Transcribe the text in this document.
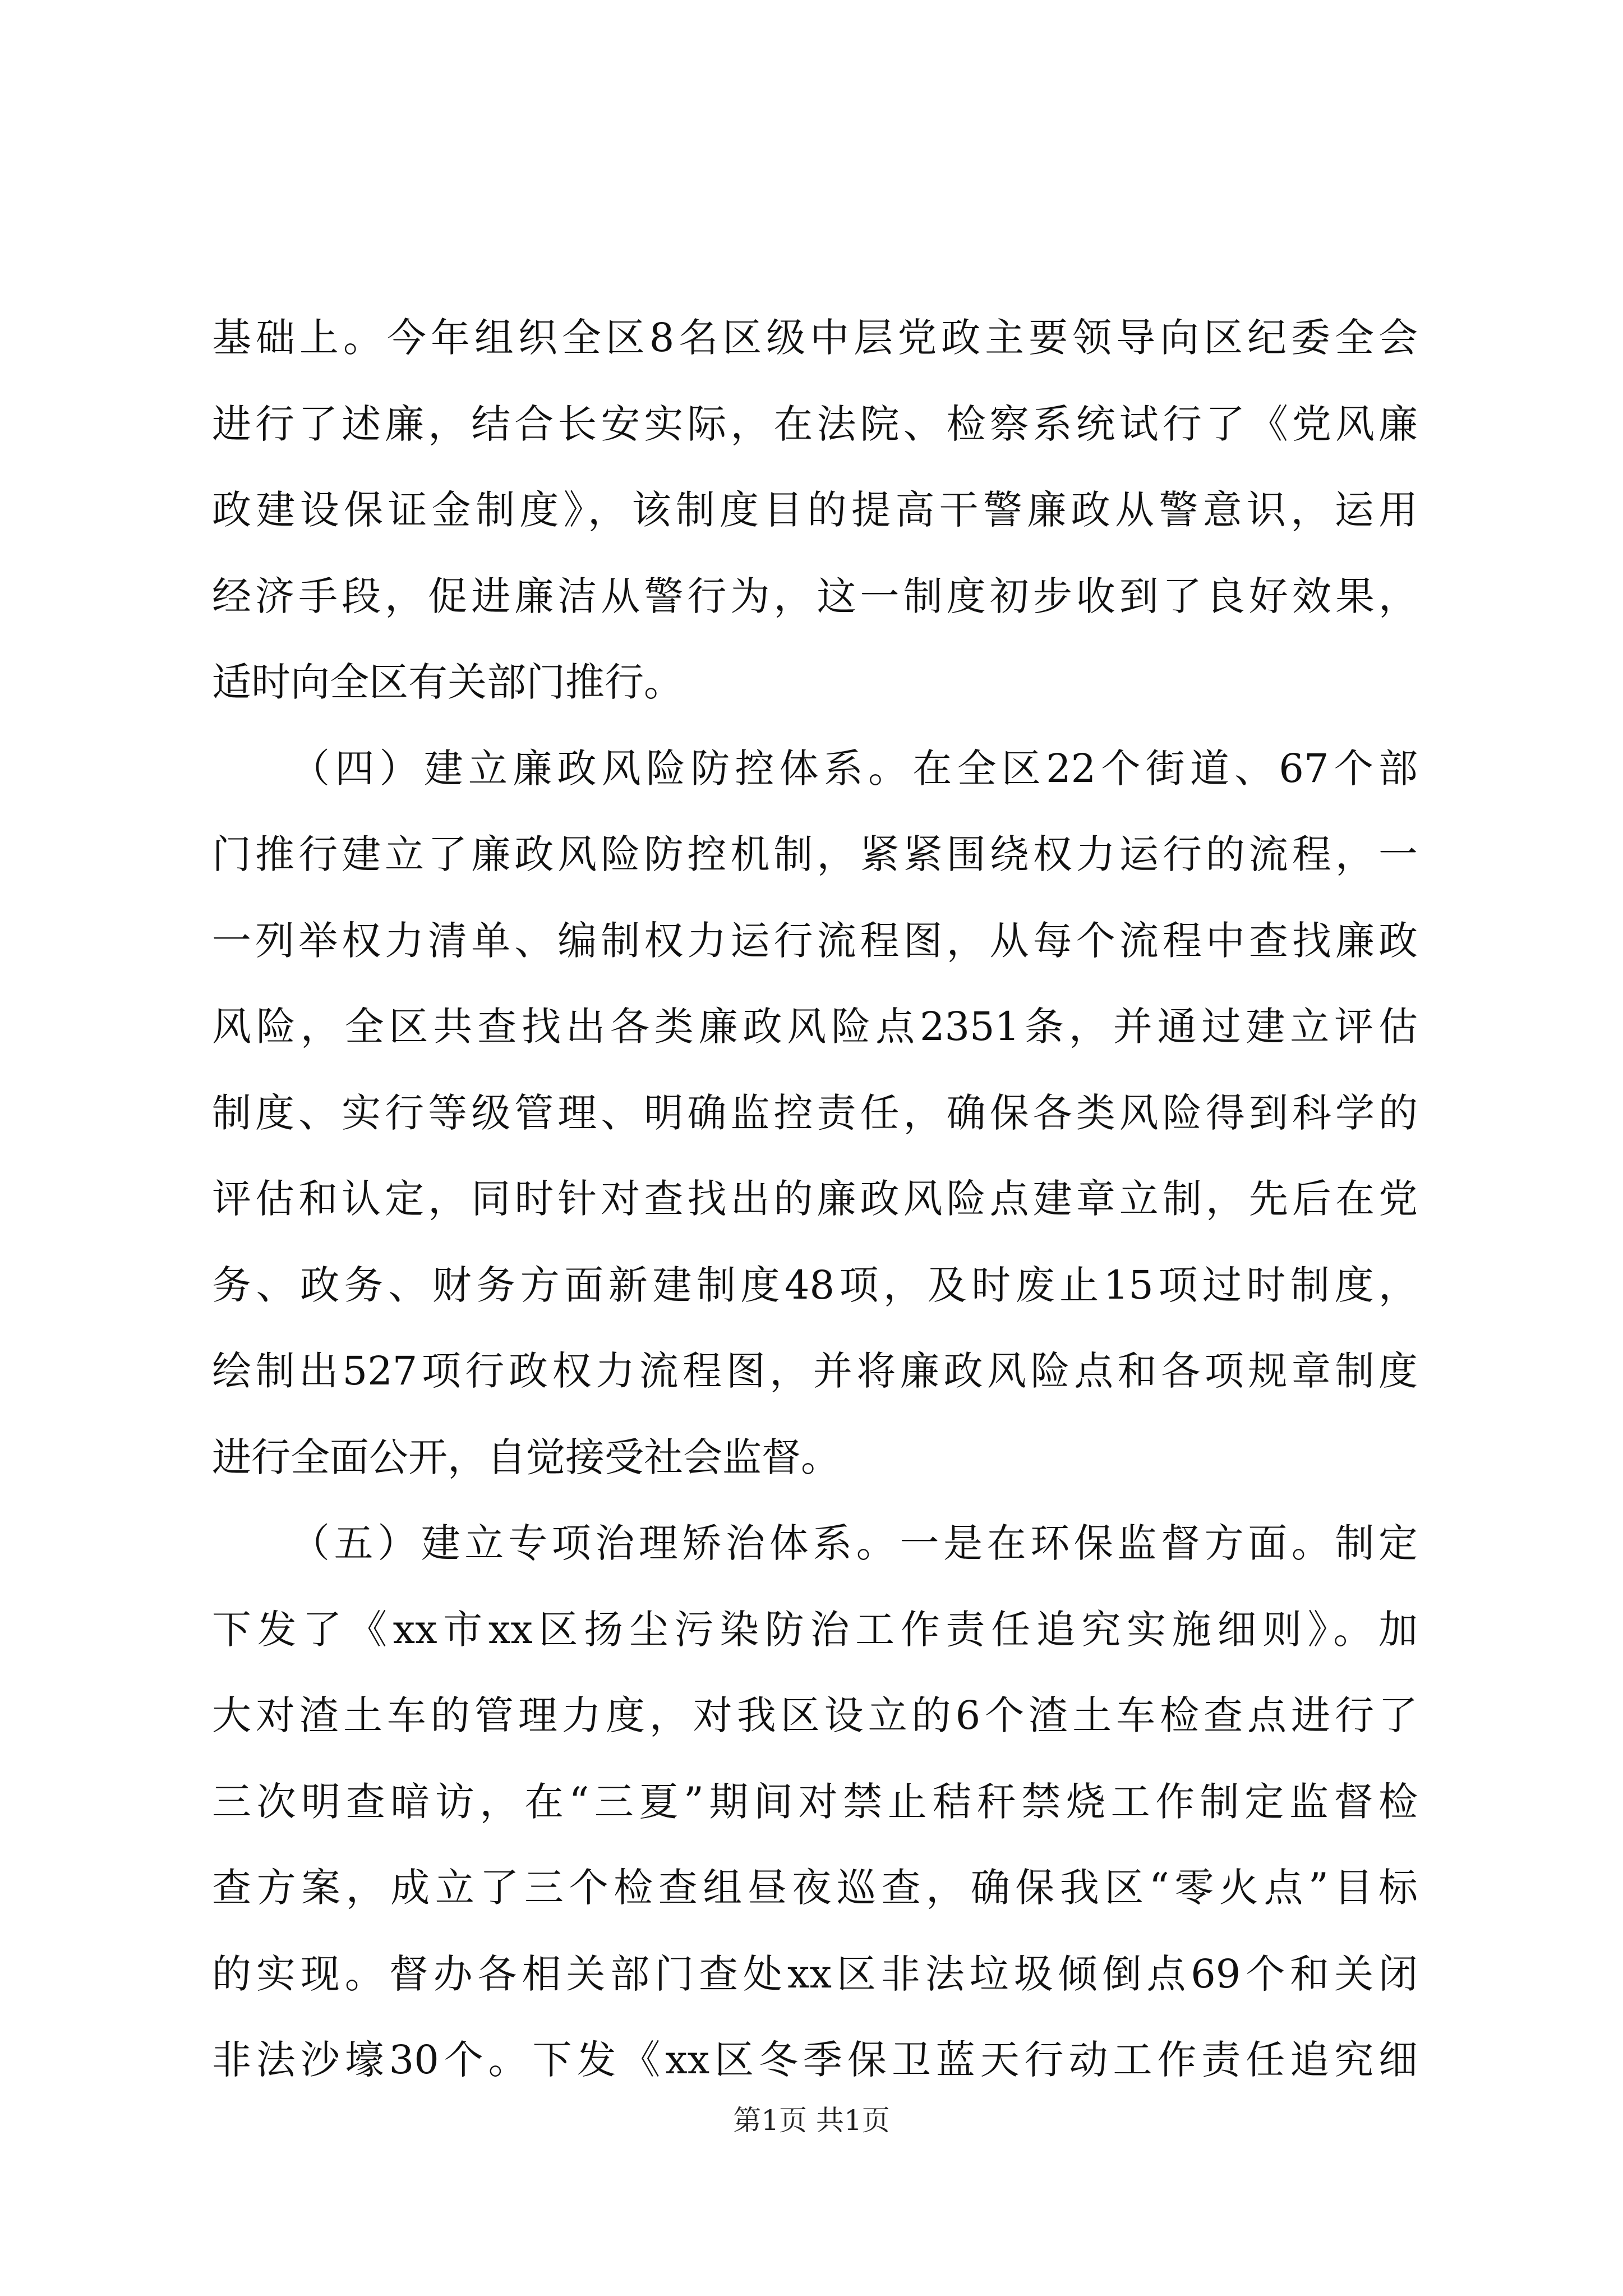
基础上。今年组织全区8名区级中层党政主要领导向区纪委全会
进行了述廉，结合长安实际，在法院、检察系统试行了《党风廉
政建设保证金制度》，该制度目的提高干警廉政从警意识，运用
经济手段，促进廉洁从警行为，这一制度初步收到了良好效果，
适时向全区有关部门推行。
（四）建立廉政风险防控体系。在全区22个街道、67个部
门推行建立了廉政风险防控机制，紧紧围绕权力运行的流程，一
一列举权力清单、编制权力运行流程图，从每个流程中查找廉政
风险，全区共查找出各类廉政风险点2351条，并通过建立评估
制度、实行等级管理、明确监控责任，确保各类风险得到科学的
评估和认定，同时针对查找出的廉政风险点建章立制，先后在党
务、政务、财务方面新建制度48项，及时废止15项过时制度，
绘制出527项行政权力流程图，并将廉政风险点和各项规章制度
进行全面公开，自觉接受社会监督。
（五）建立专项治理矫治体系。一是在环保监督方面。制定
下发了《xx市xx区扬尘污染防治工作责任追究实施细则》。加
大对渣土车的管理力度，对我区设立的6个渣土车检查点进行了
三次明查暗访，在“三夏”期间对禁止秸秆禁烧工作制定监督检
查方案，成立了三个检查组昼夜巡查，确保我区“零火点”目标
的实现。督办各相关部门查处xx区非法垃圾倾倒点69个和关闭
非法沙壕30个。下发《xx区冬季保卫蓝天行动工作责任追究细
第1页 共1页
